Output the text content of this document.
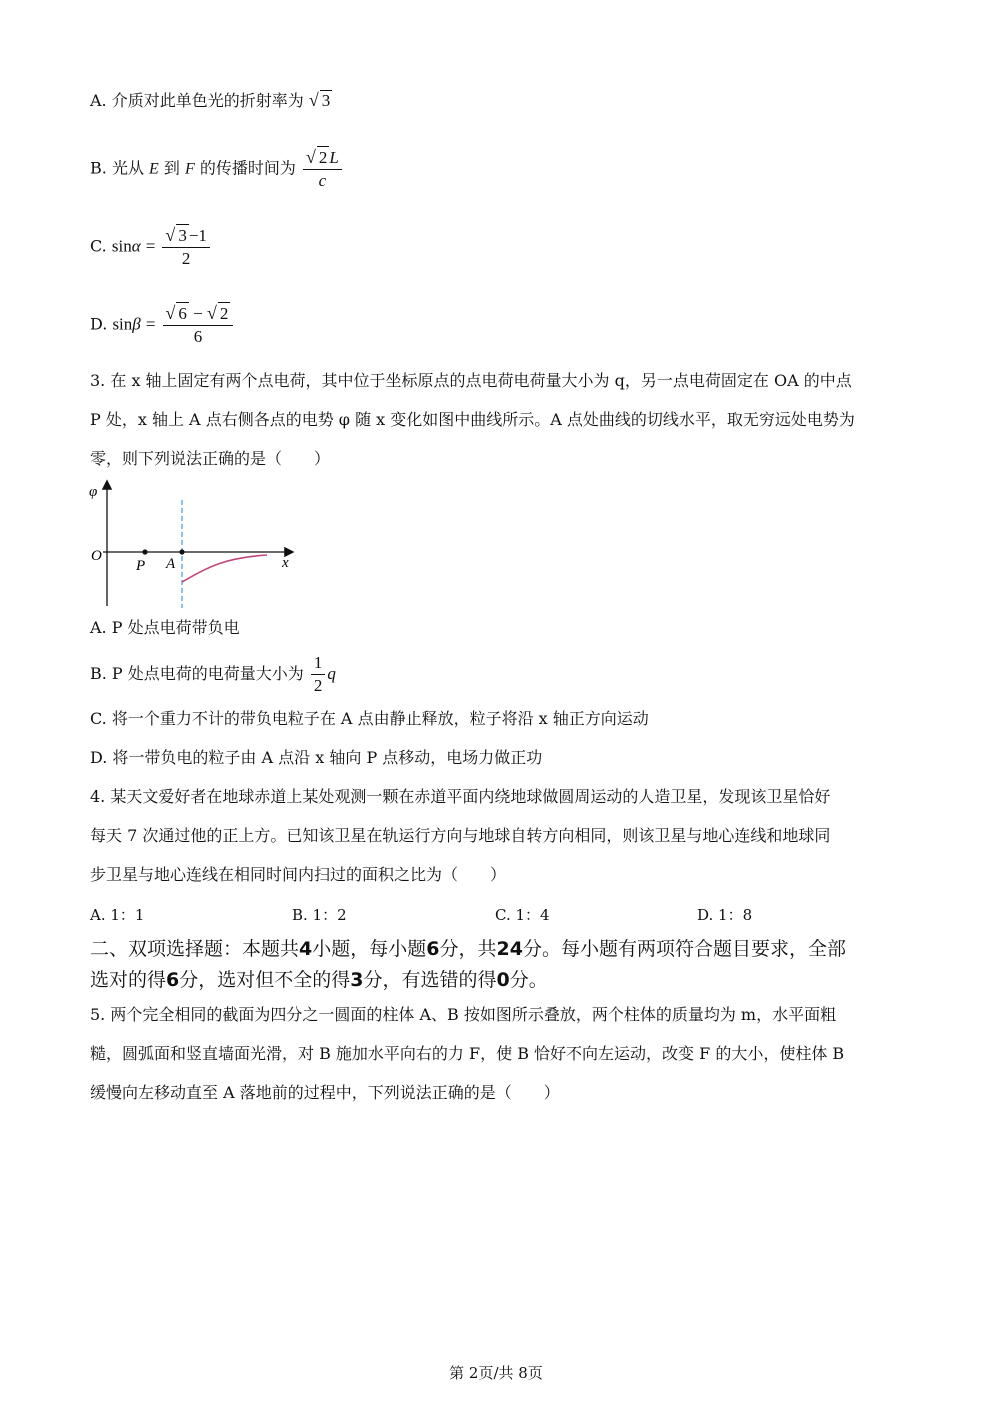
A. 介质对此单色光的折射率为 √ 3
B. 光从 E 到 F 的传播时间为 $\frac{√ 2 L}{c}$
C. $\sin\alpha = \frac{√ 3 -1}{2}$
D. $\sin\beta = \frac{√ 6 - √ 2}{6}$
3. 在 x 轴上固定有两个点电荷，其中位于坐标原点的点电荷电荷量大小为 q，另一点电荷固定在 OA 的中点
P 处，x 轴上 A 点右侧各点的电势 φ 随 x 变化如图中曲线所示。A 点处曲线的切线水平，取无穷远处电势为
零，则下列说法正确的是（　　）
φ
O
P A	x
A. P 处点电荷带负电
B. P 处点电荷的电荷量大小为 $\frac{1}{2}$ q
C. 将一个重力不计的带负电粒子在 A 点由静止释放，粒子将沿 x 轴正方向运动
D. 将一带负电的粒子由 A 点沿 x 轴向 P 点移动，电场力做正功
4. 某天文爱好者在地球赤道上某处观测一颗在赤道平面内绕地球做圆周运动的人造卫星，发现该卫星恰好
每天 7 次通过他的正上方。已知该卫星在轨运行方向与地球自转方向相同，则该卫星与地心连线和地球同
步卫星与地心连线在相同时间内扫过的面积之比为（　　）
A. 1：1	B. 1：2	C. 1：4	D. 1：8
二、双项选择题：本题共4小题，每小题6分，共24分。每小题有两项符合题目要求，全部
选对的得6分，选对但不全的得3分，有选错的得0分。
5. 两个完全相同的截面为四分之一圆面的柱体 A、B 按如图所示叠放，两个柱体的质量均为 m，水平面粗
糙，圆弧面和竖直墙面光滑，对 B 施加水平向右的力 F，使 B 恰好不向左运动，改变 F 的大小，使柱体 B
缓慢向左移动直至 A 落地前的过程中，下列说法正确的是（　　）
第 2页/共 8页
